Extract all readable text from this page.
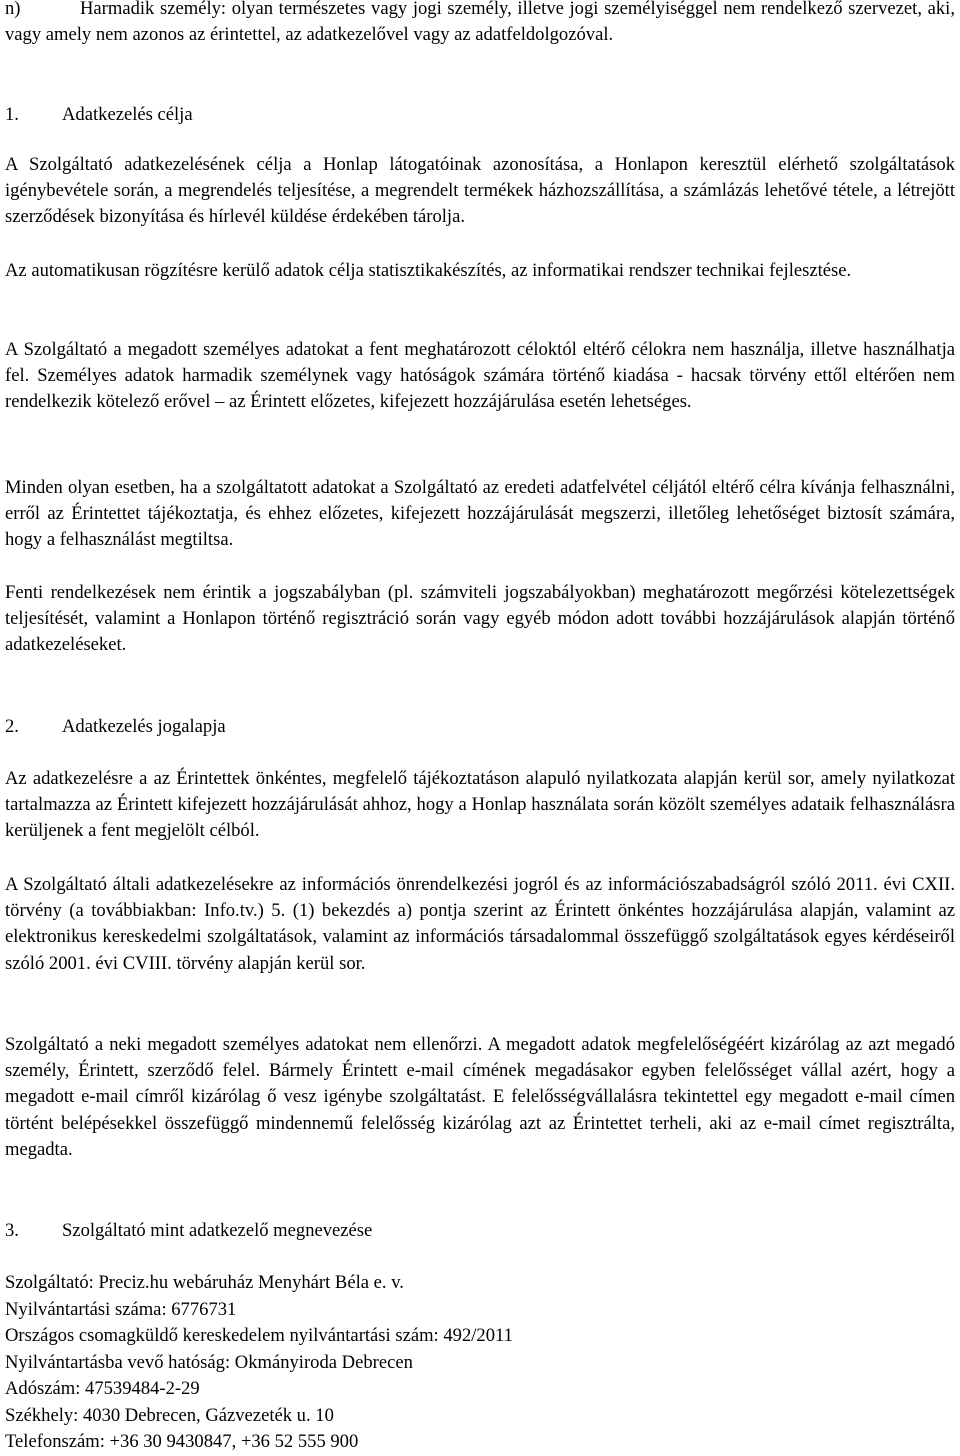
n)	Harmadik személy: olyan természetes vagy jogi személy, illetve jogi személyiséggel nem rendelkező szervezet, aki, vagy amely nem azonos az érintettel, az adatkezelővel vagy az adatfeldolgozóval.
1. Adatkezelés célja

A Szolgáltató adatkezelésének célja a Honlap látogatóinak azonosítása, a Honlapon keresztül elérhető szolgáltatások igénybevétele során, a megrendelés teljesítése, a megrendelt termékek házhozszállítása, a számlázás lehetővé tétele, a létrejött szerződések bizonyítása és hírlevél küldése érdekében tárolja.

Az automatikusan rögzítésre kerülő adatok célja statisztikakészítés, az informatikai rendszer technikai fejlesztése.

A Szolgáltató a megadott személyes adatokat a fent meghatározott céloktól eltérő célokra nem használja, illetve használhatja fel. Személyes adatok harmadik személynek vagy hatóságok számára történő kiadása - hacsak törvény ettől eltérően nem rendelkezik kötelező erővel – az Érintett előzetes, kifejezett hozzájárulása esetén lehetséges.

Minden olyan esetben, ha a szolgáltatott adatokat a Szolgáltató az eredeti adatfelvétel céljától eltérő célra kívánja felhasználni, erről az Érintettet tájékoztatja, és ehhez előzetes, kifejezett hozzájárulását megszerzi, illetőleg lehetőséget biztosít számára, hogy a felhasználást megtiltsa.

Fenti rendelkezések nem érintik a jogszabályban (pl. számviteli jogszabályokban) meghatározott megőrzési kötelezettségek teljesítését, valamint a Honlapon történő regisztráció során vagy egyéb módon adott további hozzájárulások alapján történő adatkezeléseket.

2. Adatkezelés jogalapja

Az adatkezelésre a az Érintettek önkéntes, megfelelő tájékoztatáson alapuló nyilatkozata alapján kerül sor, amely nyilatkozat tartalmazza az Érintett kifejezett hozzájárulását ahhoz, hogy a Honlap használata során közölt személyes adataik felhasználásra kerüljenek a fent megjelölt célból.

A Szolgáltató általi adatkezelésekre az információs önrendelkezési jogról és az információszabadságról szóló 2011. évi CXII. törvény (a továbbiakban: Info.tv.) 5. (1) bekezdés a) pontja szerint az Érintett önkéntes hozzájárulása alapján, valamint az elektronikus kereskedelmi szolgáltatások, valamint az információs társadalommal összefüggő szolgáltatások egyes kérdéseiről szóló 2001. évi CVIII. törvény alapján kerül sor.

Szolgáltató a neki megadott személyes adatokat nem ellenőrzi. A megadott adatok megfelelőségéért kizárólag az azt megadó személy, Érintett, szerződő felel. Bármely Érintett e-mail címének megadásakor egyben felelősséget vállal azért, hogy a megadott e-mail címről kizárólag ő vesz igénybe szolgáltatást. E felelősségvállalásra tekintettel egy megadott e-mail címen történt belépésekkel összefüggő mindennemű felelősség kizárólag azt az Érintettet terheli, aki az e-mail címet regisztrálta, megadta.

3. Szolgáltató mint adatkezelő megnevezése
Szolgáltató: Preciz.hu webáruház Menyhárt Béla e. v.
Nyilvántartási száma: 6776731
Országos csomagküldő kereskedelem nyilvántartási szám: 492/2011
Nyilvántartásba vevő hatóság: Okmányiroda Debrecen
Adószám: 47539484-2-29
Székhely: 4030 Debrecen, Gázvezeték u. 10
Telefonszám: +36 30 9430847, +36 52 555 900
